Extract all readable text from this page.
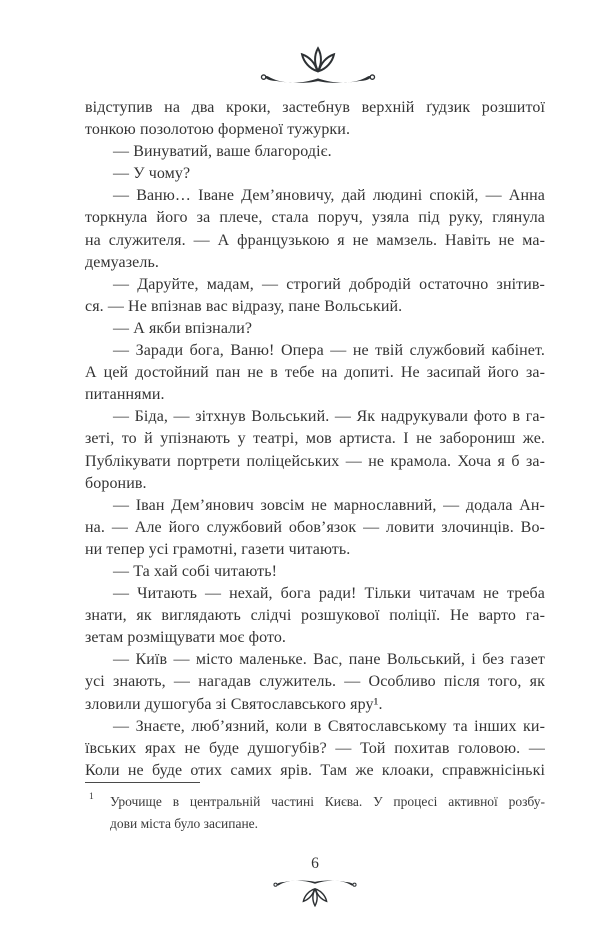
відступив на два кроки, застебнув верхній ґудзик розшитої
тонкою позолотою форменої тужурки.
— Винуватий, ваше благородіє.
— У чому?
— Ваню… Іване Дем’яновичу, дай людині спокій, — Анна
торкнула його за плече, стала поруч, узяла під руку, глянула
на служителя. — А французькою я не мамзель. Навіть не ма-
демуазель.
— Даруйте, мадам, — строгий добродій остаточно знітив-
ся. — Не впізнав вас відразу, пане Вольський.
— А якби впізнали?
— Заради бога, Ваню! Опера — не твій службовий кабінет.
А цей достойний пан не в тебе на допиті. Не засипай його за-
питаннями.
— Біда, — зітхнув Вольський. — Як надрукували фото в га-
зеті, то й упізнають у театрі, мов артиста. І не заборониш же.
Публікувати портрети поліцейських — не крамола. Хоча я б за-
боронив.
— Іван Дем’янович зовсім не марнославний, — додала Ан-
на. — Але його службовий обов’язок — ловити злочинців. Во-
ни тепер усі грамотні, газети читають.
— Та хай собі читають!
— Читають — нехай, бога ради! Тільки читачам не треба
знати, як виглядають слідчі розшукової поліції. Не варто га-
зетам розміщувати моє фото.
— Київ — місто маленьке. Вас, пане Вольський, і без газет
усі знають, — нагадав служитель. — Особливо після того, як
зловили душогуба зі Святославського яру¹.
— Знаєте, люб’язний, коли в Святославському та інших ки-
ївських ярах не буде душогубів? — Той похитав головою. —
Коли не буде отих самих ярів. Там же клоаки, справжнісінькі
1 Урочище в центральній частині Києва. У процесі активної розбу-
дови міста було засипане.
6
